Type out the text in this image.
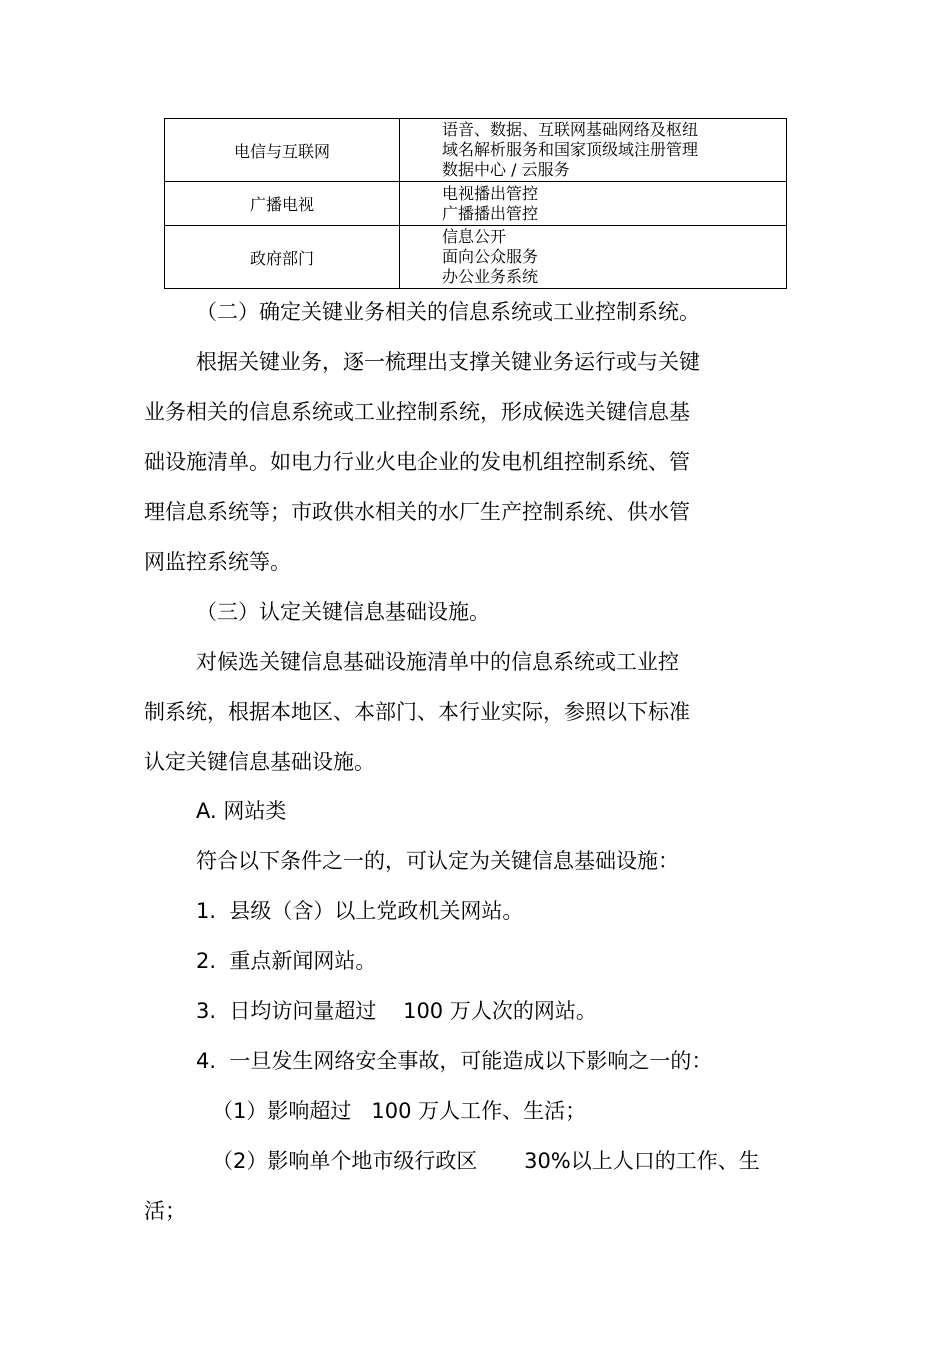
电信与互联网	语音、数据、互联网基础网络及枢纽
域名解析服务和国家顶级域注册管理
数据中心 / 云服务

广播电视	电视播出管控
广播播出管控

政府部门	信息公开
面向公众服务
办公业务系统
（二）确定关键业务相关的信息系统或工业控制系统。
根据关键业务，逐一梳理出支撑关键业务运行或与关键
业务相关的信息系统或工业控制系统，形成候选关键信息基
础设施清单。如电力行业火电企业的发电机组控制系统、管
理信息系统等；市政供水相关的水厂生产控制系统、供水管
网监控系统等。
（三）认定关键信息基础设施。
对候选关键信息基础设施清单中的信息系统或工业控
制系统，根据本地区、本部门、本行业实际，参照以下标准
认定关键信息基础设施。
A. 网站类
符合以下条件之一的，可认定为关键信息基础设施：
1.  县级（含）以上党政机关网站。
2.  重点新闻网站。
3.  日均访问量超过    100 万人次的网站。
4.  一旦发生网络安全事故，可能造成以下影响之一的：
（1）影响超过   100 万人工作、生活；
（2）影响单个地市级行政区       30%以上人口的工作、生
活；
